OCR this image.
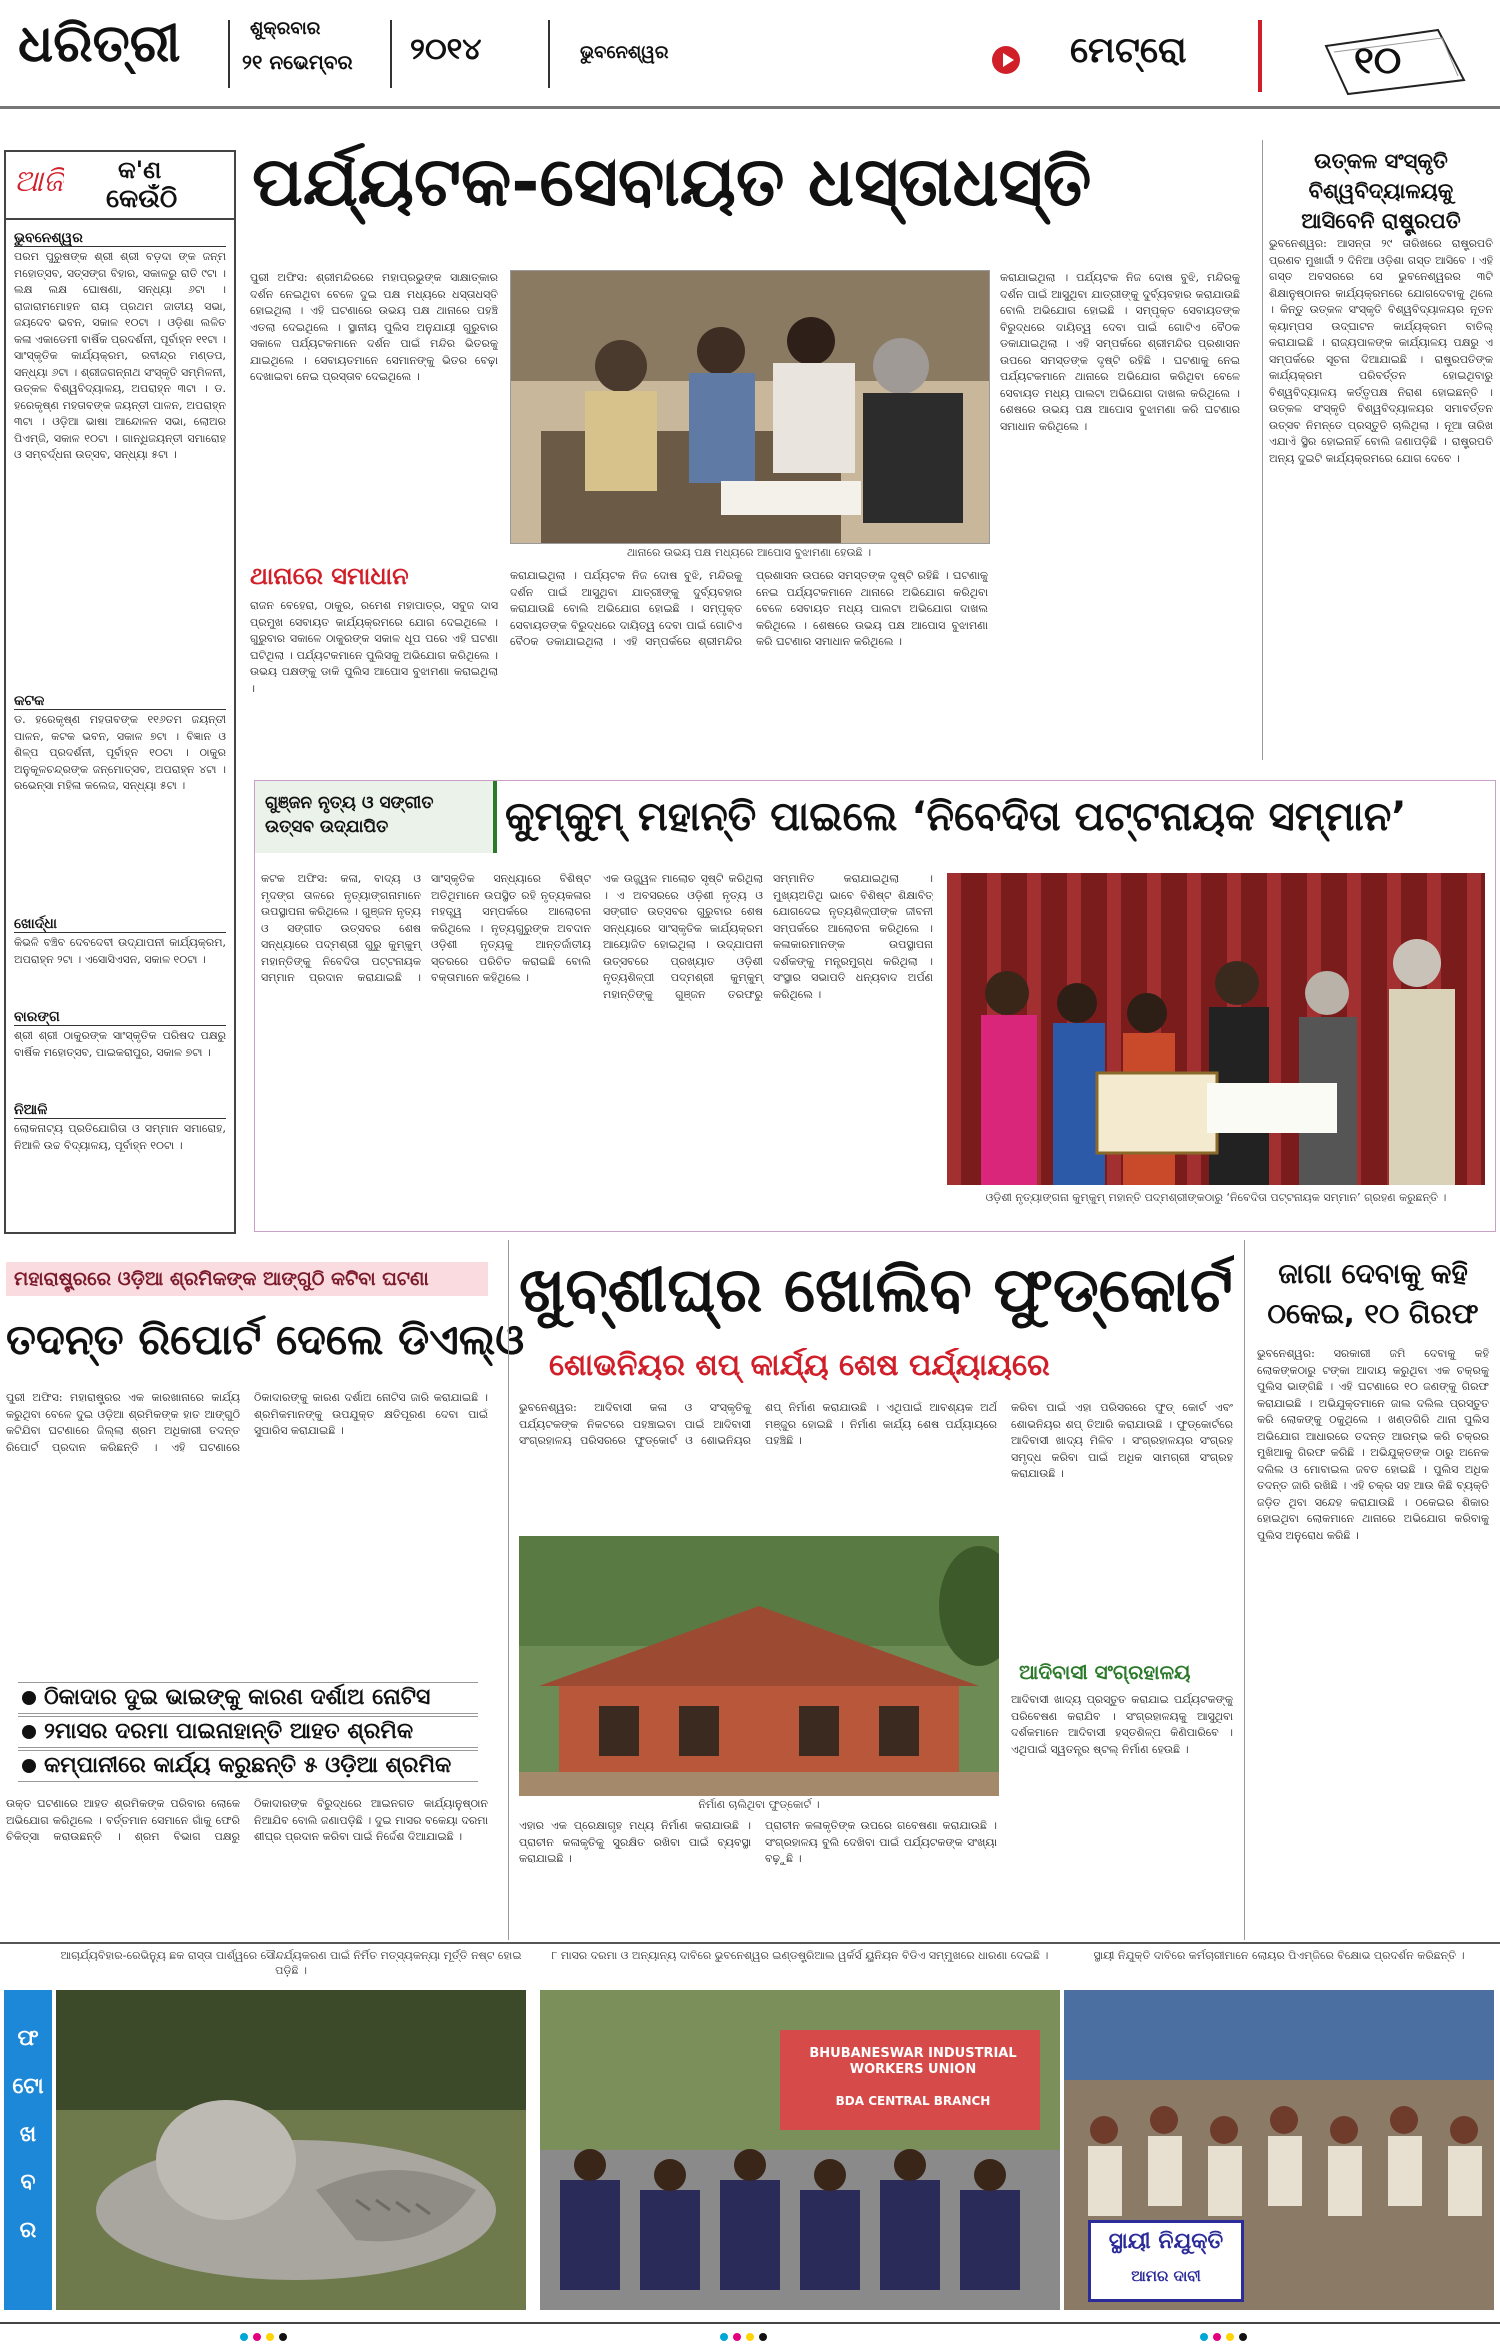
ଧରିତ୍ରୀ	ଶୁକ୍ରବାର
୨୧ ନଭେମ୍ବର ୨୦୧୪	ଭୁବନେଶ୍ୱର	ମେଟ୍ରୋ	୧୦
ଆଜି କ'ଣ
କେଉଁଠି
ଭୁବନେଶ୍ୱର
ପରମ ପୁରୁଷଙ୍କ ଶ୍ରୀ ଶ୍ରୀ ବଡ଼ଦା ଙ୍କ ଜନ୍ମ ମହୋତ୍ସବ, ସତ୍ସଙ୍ଗ ବିହାର, ସକାଳରୁ ରାତି ୯ଟା । ଲକ୍ଷ ଲକ୍ଷ ଘୋଷଣା, ସନ୍ଧ୍ୟା ୬ଟା । ରାଜାରାମମୋହନ ରାୟ ପ୍ରଥମ ଜାତୀୟ ସଭା, ଜୟଦେବ ଭବନ, ସକାଳ ୧୦ଟା । ଓଡ଼ିଶା ଲଳିତ କଳା ଏକାଡେମୀ ବାର୍ଷିକ ପ୍ରଦର୍ଶନୀ, ପୂର୍ବାହ୍ନ ୧୧ଟା । ସାଂସ୍କୃତିକ କାର୍ଯ୍ୟକ୍ରମ, ରବୀନ୍ଦ୍ର ମଣ୍ଡପ, ସନ୍ଧ୍ୟା ୬ଟା । ଶ୍ରୀଜଗନ୍ନାଥ ସଂସ୍କୃତି ସମ୍ମିଳନୀ, ଉତ୍କଳ ବିଶ୍ୱବିଦ୍ୟାଳୟ, ଅପରାହ୍ନ ୩ଟା । ଡ. ହରେକୃଷ୍ଣ ମହତାବଙ୍କ ଜୟନ୍ତୀ ପାଳନ, ଅପରାହ୍ନ ୩ଟା । ଓଡ଼ିଆ ଭାଷା ଆନ୍ଦୋଳନ ସଭା, ଲୋଅର ପିଏମ୍‌ଜି, ସକାଳ ୧୦ଟା । ଗାନ୍ଧିଜୟନ୍ତୀ ସମାରୋହ ଓ ସମ୍ବର୍ଦ୍ଧନା ଉତ୍ସବ, ସନ୍ଧ୍ୟା ୫ଟା ।
କଟକ
ଡ. ହରେକୃଷ୍ଣ ମହତାବଙ୍କ ୧୧୬ତମ ଜୟନ୍ତୀ ପାଳନ, କଟକ ଭବନ, ସକାଳ ୭ଟା । ବିଜ୍ଞାନ ଓ ଶିଳ୍ପ ପ୍ରଦର୍ଶନୀ, ପୂର୍ବାହ୍ନ ୧୦ଟା । ଠାକୁର ଅନୁକୂଳଚନ୍ଦ୍ରଙ୍କ ଜନ୍ମୋତ୍ସବ, ଅପରାହ୍ନ ୪ଟା । ରଭେନ୍‌ସା ମହିଳା କଲେଜ, ସନ୍ଧ୍ୟା ୫ଟା ।
ଖୋର୍ଦ୍ଧା
କିଭଳି ବଞ୍ଚିବ ଦେବଦେବୀ ଉଦ୍‌ଯାପନୀ କାର୍ଯ୍ୟକ୍ରମ, ଅପରାହ୍ନ ୨ଟା । ଏସୋସିଏସନ, ସକାଳ ୧୦ଟା ।
ବାରଙ୍ଗ
ଶ୍ରୀ ଶ୍ରୀ ଠାକୁରଙ୍କ ସାଂସ୍କୃତିକ ପରିଷଦ ପକ୍ଷରୁ ବାର୍ଷିକ ମହୋତ୍ସବ, ପାଇକରାପୁର, ସକାଳ ୭ଟା ।
ନିଆଳି
ଲୋକନାଟ୍ୟ ପ୍ରତିଯୋଗିତା ଓ ସମ୍ମାନ ସମାରୋହ, ନିଆଳି ଉଚ୍ଚ ବିଦ୍ୟାଳୟ, ପୂର୍ବାହ୍ନ ୧୦ଟା ।
ପର୍ଯ୍ୟଟକ-ସେବାୟତ ଧସ୍ତାଧସ୍ତି
ପୁରୀ ଅଫିସ: ଶ୍ରୀମନ୍ଦିରରେ ମହାପ୍ରଭୁଙ୍କ ସାକ୍ଷାତ୍‌କାର ଦର୍ଶନ ନେଇଥିବା ବେଳେ ଦୁଇ ପକ୍ଷ ମଧ୍ୟରେ ଧସ୍ତାଧସ୍ତି ହୋଇଥିଲା । ଏହି ଘଟଣାରେ ଉଭୟ ପକ୍ଷ ଥାନାରେ ପହଞ୍ଚି ଏତଲା ଦେଇଥିଲେ । ସ୍ଥାନୀୟ ପୁଲିସ ଅନୁଯାୟୀ ଗୁରୁବାର ସକାଳେ ପର୍ଯ୍ୟଟକମାନେ ଦର୍ଶନ ପାଇଁ ମନ୍ଦିର ଭିତରକୁ ଯାଇଥିଲେ । ସେବାୟତମାନେ ସେମାନଙ୍କୁ ଭିତର ବେଢ଼ା ଦେଖାଇବା ନେଇ ପ୍ରସ୍ତାବ ଦେଇଥିଲେ ।
ଥାନାରେ ସମାଧାନ
ରାଜନ ବେହେରା, ଠାକୁର, ରମେଶ ମହାପାତ୍ର, ସବୁଜ ଦାସ ପ୍ରମୁଖ ସେବାୟତ କାର୍ଯ୍ୟକ୍ରମରେ ଯୋଗ ଦେଇଥିଲେ । ଗୁରୁବାର ସକାଳେ ଠାକୁରଙ୍କ ସକାଳ ଧୂପ ପରେ ଏହି ଘଟଣା ଘଟିଥିଲା । ପର୍ଯ୍ୟଟକମାନେ ପୁଲିସକୁ ଅଭିଯୋଗ କରିଥିଲେ । ଉଭୟ ପକ୍ଷଙ୍କୁ ଡାକି ପୁଲିସ ଆପୋସ ବୁଝାମଣା କରାଇଥିଲା ।
ଥାନାରେ ଉଭୟ ପକ୍ଷ ମଧ୍ୟରେ ଆପୋସ ବୁଝାମଣା ହେଉଛି ।
କରାଯାଇଥିଲା । ପର୍ଯ୍ୟଟକ ନିଜ ଦୋଷ ବୁଝି, ମନ୍ଦିରକୁ ଦର୍ଶନ ପାଇଁ ଆସୁଥିବା ଯାତ୍ରୀଙ୍କୁ ଦୁର୍ବ୍ୟବହାର କରାଯାଉଛି ବୋଲି ଅଭିଯୋଗ ହୋଇଛି । ସମ୍ପୃକ୍ତ ସେବାୟତଙ୍କ ବିରୁଦ୍ଧରେ ଦାୟିତ୍ୱ ଦେବା ପାଇଁ ଗୋଟିଏ ବୈଠକ ଡକାଯାଇଥିଲା । ଏହି ସମ୍ପର୍କରେ ଶ୍ରୀମନ୍ଦିର ପ୍ରଶାସନ ଉପରେ ସମସ୍ତଙ୍କ ଦୃଷ୍ଟି ରହିଛି । ଘଟଣାକୁ ନେଇ ପର୍ଯ୍ୟଟକମାନେ ଥାନାରେ ଅଭିଯୋଗ କରିଥିବା ବେଳେ ସେବାୟତ ମଧ୍ୟ ପାଲଟା ଅଭିଯୋଗ ଦାଖଲ କରିଥିଲେ । ଶେଷରେ ଉଭୟ ପକ୍ଷ ଆପୋସ ବୁଝାମଣା କରି ଘଟଣାର ସମାଧାନ କରିଥିଲେ ।
କରାଯାଇଥିଲା । ପର୍ଯ୍ୟଟକ ନିଜ ଦୋଷ ବୁଝି, ମନ୍ଦିରକୁ ଦର୍ଶନ ପାଇଁ ଆସୁଥିବା ଯାତ୍ରୀଙ୍କୁ ଦୁର୍ବ୍ୟବହାର କରାଯାଉଛି ବୋଲି ଅଭିଯୋଗ ହୋଇଛି । ସମ୍ପୃକ୍ତ ସେବାୟତଙ୍କ ବିରୁଦ୍ଧରେ ଦାୟିତ୍ୱ ଦେବା ପାଇଁ ଗୋଟିଏ ବୈଠକ ଡକାଯାଇଥିଲା । ଏହି ସମ୍ପର୍କରେ ଶ୍ରୀମନ୍ଦିର ପ୍ରଶାସନ ଉପରେ ସମସ୍ତଙ୍କ ଦୃଷ୍ଟି ରହିଛି । ଘଟଣାକୁ ନେଇ ପର୍ଯ୍ୟଟକମାନେ ଥାନାରେ ଅଭିଯୋଗ କରିଥିବା ବେଳେ ସେବାୟତ ମଧ୍ୟ ପାଲଟା ଅଭିଯୋଗ ଦାଖଲ କରିଥିଲେ । ଶେଷରେ ଉଭୟ ପକ୍ଷ ଆପୋସ ବୁଝାମଣା କରି ଘଟଣାର ସମାଧାନ କରିଥିଲେ ।
ଉତ୍କଳ ସଂସ୍କୃତି ବିଶ୍ୱବିଦ୍ୟାଳୟକୁ ଆସିବେନି ରାଷ୍ଟ୍ରପତି
ଭୁବନେଶ୍ୱର: ଆସନ୍ତା ୨୯ ତାରିଖରେ ରାଷ୍ଟ୍ରପତି ପ୍ରଣବ ମୁଖାର୍ଜୀ ୨ ଦିନିଆ ଓଡ଼ିଶା ଗସ୍ତ ଆସିବେ । ଏହି ଗସ୍ତ ଅବସରରେ ସେ ଭୁବନେଶ୍ୱରର ୩ଟି ଶିକ୍ଷାନୁଷ୍ଠାନର କାର୍ଯ୍ୟକ୍ରମରେ ଯୋଗଦେବାକୁ ଥିଲେ । କିନ୍ତୁ ଉତ୍କଳ ସଂସ୍କୃତି ବିଶ୍ୱବିଦ୍ୟାଳୟର ନୂତନ କ୍ୟାମ୍ପସ ଉଦ୍‌ଘାଟନ କାର୍ଯ୍ୟକ୍ରମ ବାତିଲ୍ କରାଯାଇଛି । ରାଜ୍ୟପାଳଙ୍କ କାର୍ଯ୍ୟାଳୟ ପକ୍ଷରୁ ଏ ସମ୍ପର୍କରେ ସୂଚନା ଦିଆଯାଇଛି । ରାଷ୍ଟ୍ରପତିଙ୍କ କାର୍ଯ୍ୟକ୍ରମ ପରିବର୍ତ୍ତନ ହୋଇଥିବାରୁ ବିଶ୍ୱବିଦ୍ୟାଳୟ କର୍ତ୍ତୃପକ୍ଷ ନିରାଶ ହୋଇଛନ୍ତି । ଉତ୍କଳ ସଂସ୍କୃତି ବିଶ୍ୱବିଦ୍ୟାଳୟର ସମାବର୍ତ୍ତନ ଉତ୍ସବ ନିମନ୍ତେ ପ୍ରସ୍ତୁତି ଚାଲିଥିଲା । ନୂଆ ତାରିଖ ଏଯାଏଁ ସ୍ଥିର ହୋଇନାହିଁ ବୋଲି ଜଣାପଡ଼ିଛି । ରାଷ୍ଟ୍ରପତି ଅନ୍ୟ ଦୁଇଟି କାର୍ଯ୍ୟକ୍ରମରେ ଯୋଗ ଦେବେ ।
ଗୁଞ୍ଜନ ନୃତ୍ୟ ଓ ସଙ୍ଗୀତ ଉତ୍ସବ ଉଦ୍‌ଯାପିତ	କୁମ୍‌କୁମ୍ ମହାନ୍ତି ପାଇଲେ ‘ନିବେଦିତା ପଟ୍ଟନାୟକ ସମ୍ମାନ’
କଟକ ଅଫିସ: କଳା, ବାଦ୍ୟ ଓ ମୃଦଙ୍ଗ ତାଳରେ ନୃତ୍ୟାଙ୍ଗନାମାନେ ଉପସ୍ଥାପନା କରିଥିଲେ । ଗୁଞ୍ଜନ ନୃତ୍ୟ ଓ ସଙ୍ଗୀତ ଉତ୍ସବର ଶେଷ ସନ୍ଧ୍ୟାରେ ପଦ୍ମଶ୍ରୀ ଗୁରୁ କୁମ୍‌କୁମ୍ ମହାନ୍ତିଙ୍କୁ ନିବେଦିତା ପଟ୍ଟନାୟକ ସମ୍ମାନ ପ୍ରଦାନ କରାଯାଇଛି । ସାଂସ୍କୃତିକ ସନ୍ଧ୍ୟାରେ ବିଶିଷ୍ଟ ଅତିଥିମାନେ ଉପସ୍ଥିତ ରହି ନୃତ୍ୟକଳାର ମହତ୍ତ୍ୱ ସମ୍ପର୍କରେ ଆଲୋଚନା କରିଥିଲେ । ନୃତ୍ୟଗୁରୁଙ୍କ ଅବଦାନ ଓଡ଼ିଶୀ ନୃତ୍ୟକୁ ଆନ୍ତର୍ଜାତୀୟ ସ୍ତରରେ ପରିଚିତ କରାଇଛି ବୋଲି ବକ୍ତାମାନେ କହିଥିଲେ ।
ଏକ ଉଜ୍ଜ୍ୱଳ ମାଲୋଚ ସୃଷ୍ଟି କରିଥିଲା । ଏ ଅବସରରେ ଓଡ଼ିଶୀ ନୃତ୍ୟ ଓ ସଙ୍ଗୀତ ଉତ୍ସବର ଗୁରୁବାର ଶେଷ ସନ୍ଧ୍ୟାରେ ସାଂସ୍କୃତିକ କାର୍ଯ୍ୟକ୍ରମ ଆୟୋଜିତ ହୋଇଥିଲା । ଉଦ୍‌ଯାପନୀ ଉତ୍ସବରେ ପ୍ରଖ୍ୟାତ ଓଡ଼ିଶୀ ନୃତ୍ୟଶିଳ୍ପୀ ପଦ୍ମଶ୍ରୀ କୁମ୍‌କୁମ୍ ମହାନ୍ତିଙ୍କୁ ଗୁଞ୍ଜନ ତରଫରୁ ସମ୍ମାନିତ କରାଯାଇଥିଲା । ମୁଖ୍ୟଅତିଥି ଭାବେ ବିଶିଷ୍ଟ ଶିକ୍ଷାବିତ୍ ଯୋଗଦେଇ ନୃତ୍ୟଶିଳ୍ପୀଙ୍କ ଜୀବନୀ ସମ୍ପର୍କରେ ଆଲୋଚନା କରିଥିଲେ । କଳାକାରମାନଙ୍କ ଉପସ୍ଥାପନା ଦର୍ଶକଙ୍କୁ ମନ୍ତ୍ରମୁଗ୍ଧ କରିଥିଲା । ସଂସ୍ଥାର ସଭାପତି ଧନ୍ୟବାଦ ଅର୍ପଣ କରିଥିଲେ ।
ଓଡ଼ିଶୀ ନୃତ୍ୟାଙ୍ଗନା କୁମ୍‌କୁମ୍ ମହାନ୍ତି ପଦ୍ମଶ୍ରୀଙ୍କଠାରୁ ‘ନିବେଦିତା ପଟ୍ଟନାୟକ ସମ୍ମାନ’ ଗ୍ରହଣ କରୁଛନ୍ତି ।
ମହାରାଷ୍ଟ୍ରରେ ଓଡ଼ିଆ ଶ୍ରମିକଙ୍କ ଆଙ୍ଗୁଠି କଟିବା ଘଟଣା
ତଦନ୍ତ ରିପୋର୍ଟ ଦେଲେ ଡିଏଲ୍‌ଓ
ପୁରୀ ଅଫିସ: ମହାରାଷ୍ଟ୍ରର ଏକ କାରଖାନାରେ କାର୍ଯ୍ୟ କରୁଥିବା ବେଳେ ଦୁଇ ଓଡ଼ିଆ ଶ୍ରମିକଙ୍କ ହାତ ଆଙ୍ଗୁଠି କଟିଯିବା ଘଟଣାରେ ଜିଲ୍ଲା ଶ୍ରମ ଅଧିକାରୀ ତଦନ୍ତ ରିପୋର୍ଟ ପ୍ରଦାନ କରିଛନ୍ତି । ଏହି ଘଟଣାରେ ଠିକାଦାରଙ୍କୁ କାରଣ ଦର୍ଶାଅ ନୋଟିସ ଜାରି କରାଯାଇଛି । ଶ୍ରମିକମାନଙ୍କୁ ଉପଯୁକ୍ତ କ୍ଷତିପୂରଣ ଦେବା ପାଇଁ ସୁପାରିସ କରାଯାଇଛି ।
ଠିକାଦାର ଦୁଇ ଭାଇଙ୍କୁ କାରଣ ଦର୍ଶାଅ ନୋଟିସ
୨ମାସର ଦରମା ପାଇନାହାନ୍ତି ଆହତ ଶ୍ରମିକ
କମ୍ପାନୀରେ କାର୍ଯ୍ୟ କରୁଛନ୍ତି ୫ ଓଡ଼ିଆ ଶ୍ରମିକ
ଉକ୍ତ ଘଟଣାରେ ଆହତ ଶ୍ରମିକଙ୍କ ପରିବାର ଲୋକେ ଅଭିଯୋଗ କରିଥିଲେ । ବର୍ତ୍ତମାନ ସେମାନେ ଗାଁକୁ ଫେରି ଚିକିତ୍ସା କରାଉଛନ୍ତି । ଶ୍ରମ ବିଭାଗ ପକ୍ଷରୁ ଠିକାଦାରଙ୍କ ବିରୁଦ୍ଧରେ ଆଇନଗତ କାର୍ଯ୍ୟାନୁଷ୍ଠାନ ନିଆଯିବ ବୋଲି ଜଣାପଡ଼ିଛି । ଦୁଇ ମାସର ବକେୟା ଦରମା ଶୀଘ୍ର ପ୍ରଦାନ କରିବା ପାଇଁ ନିର୍ଦ୍ଦେଶ ଦିଆଯାଇଛି ।
ଖୁବ୍‌ଶୀଘ୍ର ଖୋଲିବ ଫୁଡ୍‌କୋର୍ଟ
ଶୋଭନିୟର ଶପ୍ କାର୍ଯ୍ୟ ଶେଷ ପର୍ଯ୍ୟାୟରେ
ଭୁବନେଶ୍ୱର: ଆଦିବାସୀ କଳା ଓ ସଂସ୍କୃତିକୁ ପର୍ଯ୍ୟଟକଙ୍କ ନିକଟରେ ପହଞ୍ଚାଇବା ପାଇଁ ଆଦିବାସୀ ସଂଗ୍ରହାଳୟ ପରିସରରେ ଫୁଡ୍‌କୋର୍ଟ ଓ ଶୋଭନିୟର ଶପ୍ ନିର୍ମାଣ କରାଯାଉଛି । ଏଥିପାଇଁ ଆବଶ୍ୟକ ଅର୍ଥ ମଞ୍ଜୁର ହୋଇଛି । ନିର୍ମାଣ କାର୍ଯ୍ୟ ଶେଷ ପର୍ଯ୍ୟାୟରେ ପହଞ୍ଚିଛି ।
ନିର୍ମାଣ ଚାଲିଥିବା ଫୁଡ୍‌କୋର୍ଟ ।
ଏହାର ଏକ ପ୍ରେକ୍ଷାଗୃହ ମଧ୍ୟ ନିର୍ମାଣ କରାଯାଉଛି । ପ୍ରାଚୀନ କଳାକୃତିକୁ ସୁରକ୍ଷିତ ରଖିବା ପାଇଁ ବ୍ୟବସ୍ଥା କରାଯାଇଛି ।
ପ୍ରାଚୀନ କଳାକୃତିଙ୍କ ଉପରେ ଗବେଷଣା କରାଯାଉଛି । ସଂଗ୍ରହାଳୟ ବୁଲି ଦେଖିବା ପାଇଁ ପର୍ଯ୍ୟଟକଙ୍କ ସଂଖ୍ୟା ବଢ଼ୁଛି ।
କରିବା ପାଇଁ ଏହା ପରିସରରେ ଫୁଡ୍ କୋର୍ଟ ଏବଂ ଶୋଭନିୟର ଶପ୍ ତିଆରି କରାଯାଉଛି । ଫୁଡ୍‌କୋର୍ଟରେ ଆଦିବାସୀ ଖାଦ୍ୟ ମିଳିବ । ସଂଗ୍ରହାଳୟର ସଂଗ୍ରହ ସମୃଦ୍ଧ କରିବା ପାଇଁ ଅଧିକ ସାମଗ୍ରୀ ସଂଗ୍ରହ କରାଯାଉଛି ।
ଆଦିବାସୀ ସଂଗ୍ରହାଳୟ
ଆଦିବାସୀ ଖାଦ୍ୟ ପ୍ରସ୍ତୁତ କରାଯାଇ ପର୍ଯ୍ୟଟକଙ୍କୁ ପରିବେଷଣ କରାଯିବ । ସଂଗ୍ରହାଳୟକୁ ଆସୁଥିବା ଦର୍ଶକମାନେ ଆଦିବାସୀ ହସ୍ତଶିଳ୍ପ କିଣିପାରିବେ । ଏଥିପାଇଁ ସ୍ୱତନ୍ତ୍ର ଷ୍ଟଲ୍ ନିର୍ମାଣ ହେଉଛି ।
ଜାଗା ଦେବାକୁ କହି ଠକେଇ, ୧୦ ଗିରଫ
ଭୁବନେଶ୍ୱର: ସରକାରୀ ଜମି ଦେବାକୁ କହି ଲୋକଙ୍କଠାରୁ ଟଙ୍କା ଆଦାୟ କରୁଥିବା ଏକ ଚକ୍ରକୁ ପୁଲିସ ଭାଙ୍ଗିଛି । ଏହି ଘଟଣାରେ ୧୦ ଜଣଙ୍କୁ ଗିରଫ କରାଯାଇଛି । ଅଭିଯୁକ୍ତମାନେ ଜାଲ ଦଲିଲ ପ୍ରସ୍ତୁତ କରି ଲୋକଙ୍କୁ ଠକୁଥିଲେ । ଖଣ୍ଡଗିରି ଥାନା ପୁଲିସ ଅଭିଯୋଗ ଆଧାରରେ ତଦନ୍ତ ଆରମ୍ଭ କରି ଚକ୍ରର ମୁଖିଆକୁ ଗିରଫ କରିଛି । ଅଭିଯୁକ୍ତଙ୍କ ଠାରୁ ଅନେକ ଦଲିଲ ଓ ମୋବାଇଲ ଜବତ ହୋଇଛି । ପୁଲିସ ଅଧିକ ତଦନ୍ତ ଜାରି ରଖିଛି । ଏହି ଚକ୍ର ସହ ଆଉ କିଛି ବ୍ୟକ୍ତି ଜଡ଼ିତ ଥିବା ସନ୍ଦେହ କରାଯାଉଛି । ଠକେଇର ଶିକାର ହୋଇଥିବା ଲୋକମାନେ ଥାନାରେ ଅଭିଯୋଗ କରିବାକୁ ପୁଲିସ ଅନୁରୋଧ କରିଛି ।
ଫ
ଟୋ
ଖ
ବ
ର
ଆଚାର୍ଯ୍ୟବିହାର-ରେଭିନ୍ୟୁ ଛକ ରାସ୍ତା ପାର୍ଶ୍ୱରେ ସୌନ୍ଦର୍ଯ୍ୟକରଣ ପାଇଁ ନିର୍ମିତ ମତ୍ସ୍ୟକନ୍ୟା ମୂର୍ତ୍ତି ନଷ୍ଟ ହୋଇ ପଡ଼ିଛି ।
୮ ମାସର ଦରମା ଓ ଅନ୍ୟାନ୍ୟ ଦାବିରେ ଭୁବନେଶ୍ୱର ଇଣ୍ଡଷ୍ଟ୍ରିଆଲ ୱର୍କର୍ସ ୟୁନିୟନ ବିଡିଏ ସମ୍ମୁଖରେ ଧାରଣା ଦେଇଛି ।
BHUBANESWAR INDUSTRIAL WORKERS UNION
BDA CENTRAL BRANCH
ସ୍ଥାୟୀ ନିଯୁକ୍ତି ଦାବିରେ କର୍ମଚାରୀମାନେ ଲୋୟର ପିଏମ୍‌ଜିରେ ବିକ୍ଷୋଭ ପ୍ରଦର୍ଶନ କରିଛନ୍ତି ।
ସ୍ଥାୟୀ ନିଯୁକ୍ତି
ଆମର ଦାବୀ
